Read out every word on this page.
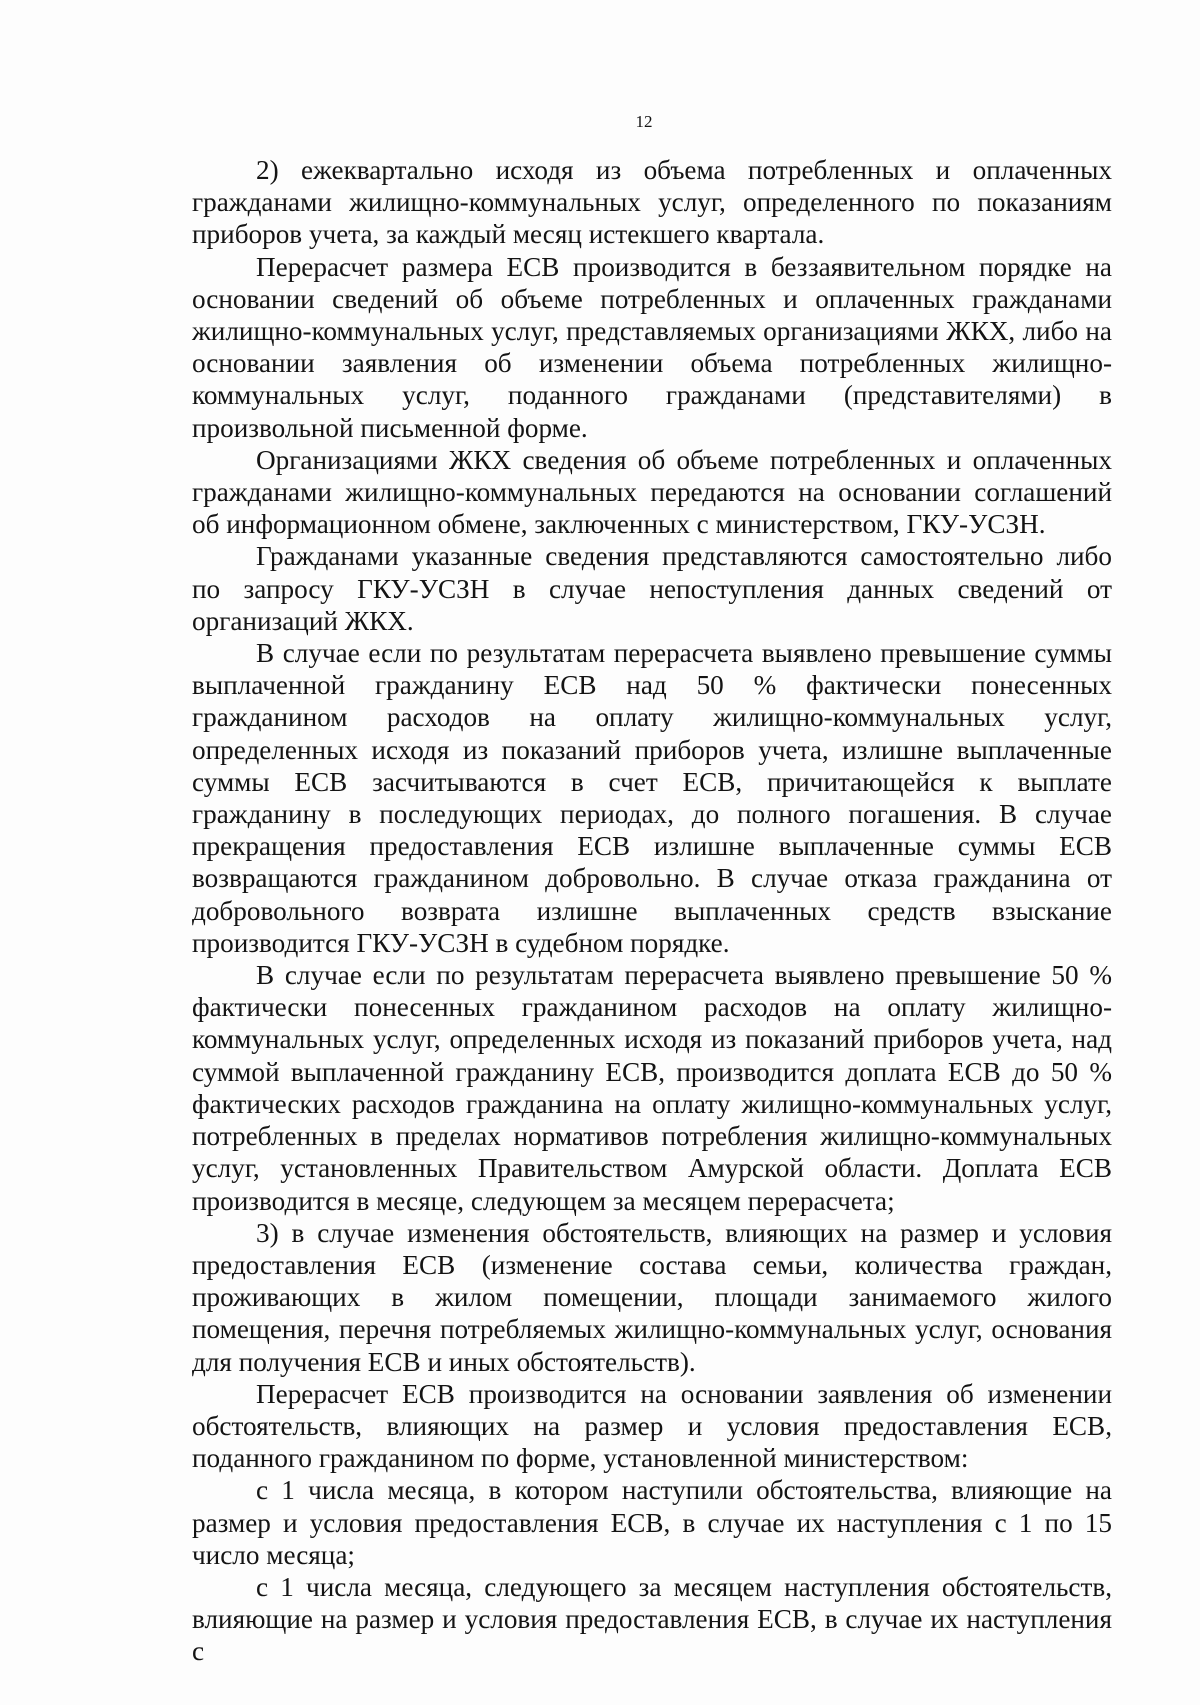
12

2) ежеквартально исходя из объема потребленных и оплаченных гражданами жилищно-коммунальных услуг, определенного по показаниям приборов учета, за каждый месяц истекшего квартала.

Перерасчет размера ЕСВ производится в беззаявительном порядке на основании сведений об объеме потребленных и оплаченных гражданами жилищно-коммунальных услуг, представляемых организациями ЖКХ, либо на основании заявления об изменении объема потребленных жилищно-коммунальных услуг, поданного гражданами (представителями) в произвольной письменной форме.

Организациями ЖКХ сведения об объеме потребленных и оплаченных гражданами жилищно-коммунальных передаются на основании соглашений об информационном обмене, заключенных с министерством, ГКУ-УСЗН.

Гражданами указанные сведения представляются самостоятельно либо по запросу ГКУ-УСЗН в случае непоступления данных сведений от организаций ЖКХ.

В случае если по результатам перерасчета выявлено превышение суммы выплаченной гражданину ЕСВ над 50 % фактически понесенных гражданином расходов на оплату жилищно-коммунальных услуг, определенных исходя из показаний приборов учета, излишне выплаченные суммы ЕСВ засчитываются в счет ЕСВ, причитающейся к выплате гражданину в последующих периодах, до полного погашения. В случае прекращения предоставления ЕСВ излишне выплаченные суммы ЕСВ возвращаются гражданином добровольно. В случае отказа гражданина от добровольного возврата излишне выплаченных средств взыскание производится ГКУ-УСЗН в судебном порядке.

В случае если по результатам перерасчета выявлено превышение 50 % фактически понесенных гражданином расходов на оплату жилищно-коммунальных услуг, определенных исходя из показаний приборов учета, над суммой выплаченной гражданину ЕСВ, производится доплата ЕСВ до 50 % фактических расходов гражданина на оплату жилищно-коммунальных услуг, потребленных в пределах нормативов потребления жилищно-коммунальных услуг, установленных Правительством Амурской области. Доплата ЕСВ производится в месяце, следующем за месяцем перерасчета;

3) в случае изменения обстоятельств, влияющих на размер и условия предоставления ЕСВ (изменение состава семьи, количества граждан, проживающих в жилом помещении, площади занимаемого жилого помещения, перечня потребляемых жилищно-коммунальных услуг, основания для получения ЕСВ и иных обстоятельств).

Перерасчет ЕСВ производится на основании заявления об изменении обстоятельств, влияющих на размер и условия предоставления ЕСВ, поданного гражданином по форме, установленной министерством:

с 1 числа месяца, в котором наступили обстоятельства, влияющие на размер и условия предоставления ЕСВ, в случае их наступления с 1 по 15 число месяца;

с 1 числа месяца, следующего за месяцем наступления обстоятельств, влияющие на размер и условия предоставления ЕСВ, в случае их наступления с
